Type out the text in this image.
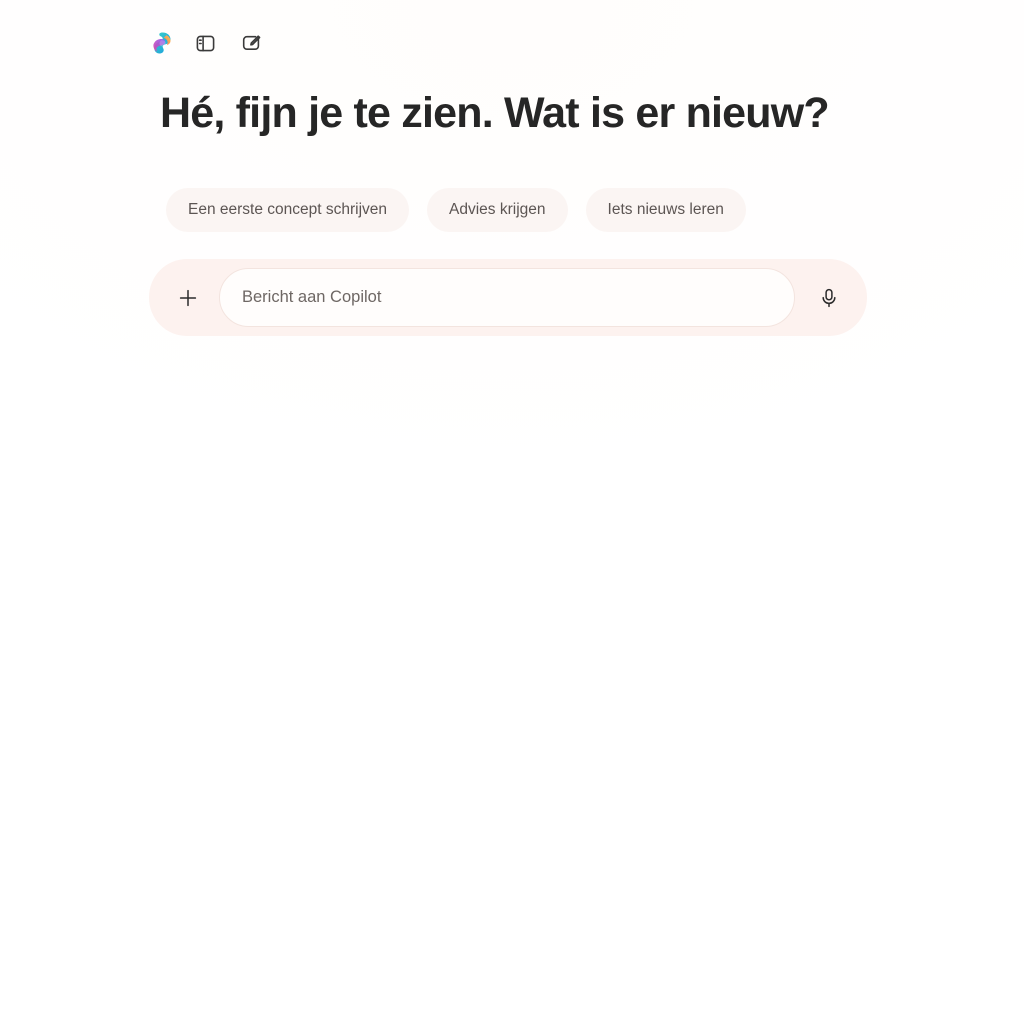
Hé, fijn je te zien. Wat is er nieuw?
Een eerste concept schrijven	Advies krijgen	Iets nieuws leren
Bericht aan Copilot
